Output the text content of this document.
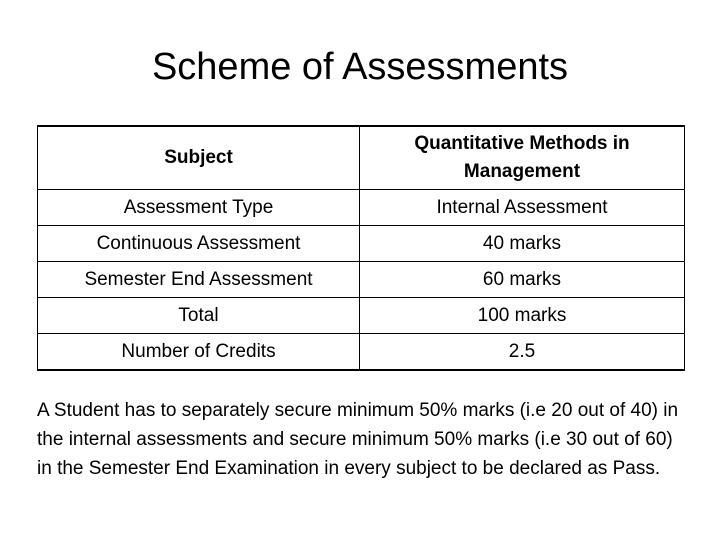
Scheme of Assessments
Subject	Quantitative Methods in Management
Assessment Type	Internal Assessment
Continuous Assessment	40 marks
Semester End Assessment	60 marks
Total	100 marks
Number of Credits	2.5
A Student has to separately secure minimum 50% marks (i.e 20 out of 40) in the internal assessments and secure minimum 50% marks (i.e 30 out of 60) in the Semester End Examination in every subject to be declared as Pass.
